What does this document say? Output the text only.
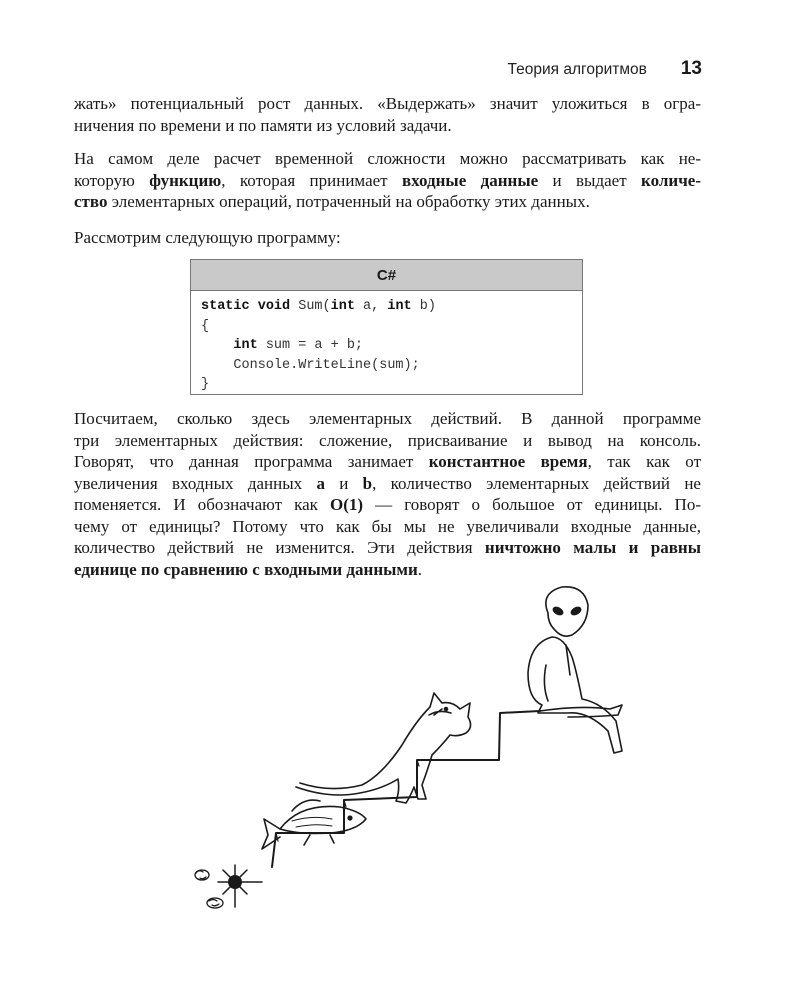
Теория алгоритмов 13
жать» потенциальный рост данных. «Выдержать» значит уложиться в огра-
ничения по времени и по памяти из условий задачи.
На самом деле расчет временной сложности можно рассматривать как не-
которую функцию, которая принимает входные данные и выдает количе-
ство элементарных операций, потраченный на обработку этих данных.
Рассмотрим следующую программу:
C#
static void Sum(int a, int b)
{
int sum = a + b;
Console.WriteLine(sum);
}
Посчитаем, сколько здесь элементарных действий. В данной программе
три элементарных действия: сложение, присваивание и вывод на консоль.
Говорят, что данная программа занимает константное время, так как от
увеличения входных данных a и b, количество элементарных действий не
поменяется. И обозначают как O(1) — говорят о большое от единицы. По-
чему от единицы? Потому что как бы мы не увеличивали входные данные,
количество действий не изменится. Эти действия ничтожно малы и равны
единице по сравнению с входными данными.
